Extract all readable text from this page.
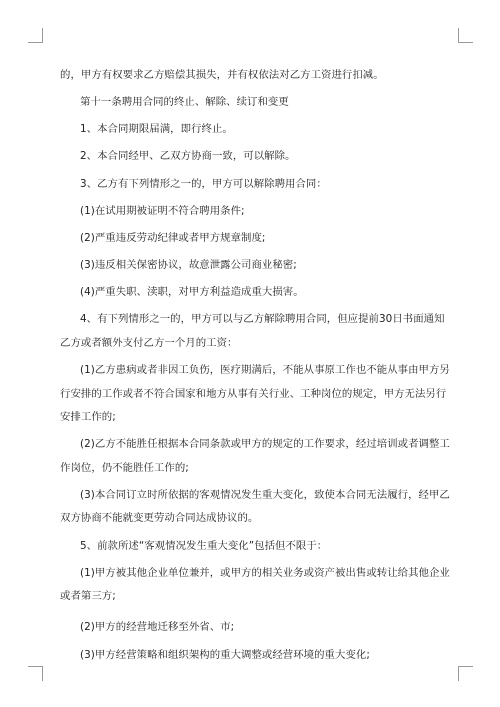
的，甲方有权要求乙方赔偿其损失，并有权依法对乙方工资进行扣减。

第十一条聘用合同的终止、解除、续订和变更

1、本合同期限届满，即行终止。

2、本合同经甲、乙双方协商一致，可以解除。

3、乙方有下列情形之一的，甲方可以解除聘用合同：

(1)在试用期被证明不符合聘用条件;

(2)严重违反劳动纪律或者甲方规章制度;

(3)违反相关保密协议，故意泄露公司商业秘密;

(4)严重失职、渎职，对甲方利益造成重大损害。

4、有下列情形之一的，甲方可以与乙方解除聘用合同，但应提前30日书面通知

乙方或者额外支付乙方一个月的工资：

(1)乙方患病或者非因工负伤，医疗期满后，不能从事原工作也不能从事由甲方另

行安排的工作或者不符合国家和地方从事有关行业、工种岗位的规定，甲方无法另行

安排工作的;

(2)乙方不能胜任根据本合同条款或甲方的规定的工作要求，经过培训或者调整工

作岗位，仍不能胜任工作的;

(3)本合同订立时所依据的客观情况发生重大变化，致使本合同无法履行，经甲乙

双方协商不能就变更劳动合同达成协议的。

5、前款所述“客观情况发生重大变化”包括但不限于：

(1)甲方被其他企业单位兼并，或甲方的相关业务或资产被出售或转让给其他企业

或者第三方;

(2)甲方的经营地迁移至外省、市;

(3)甲方经营策略和组织架构的重大调整或经营环境的重大变化;
